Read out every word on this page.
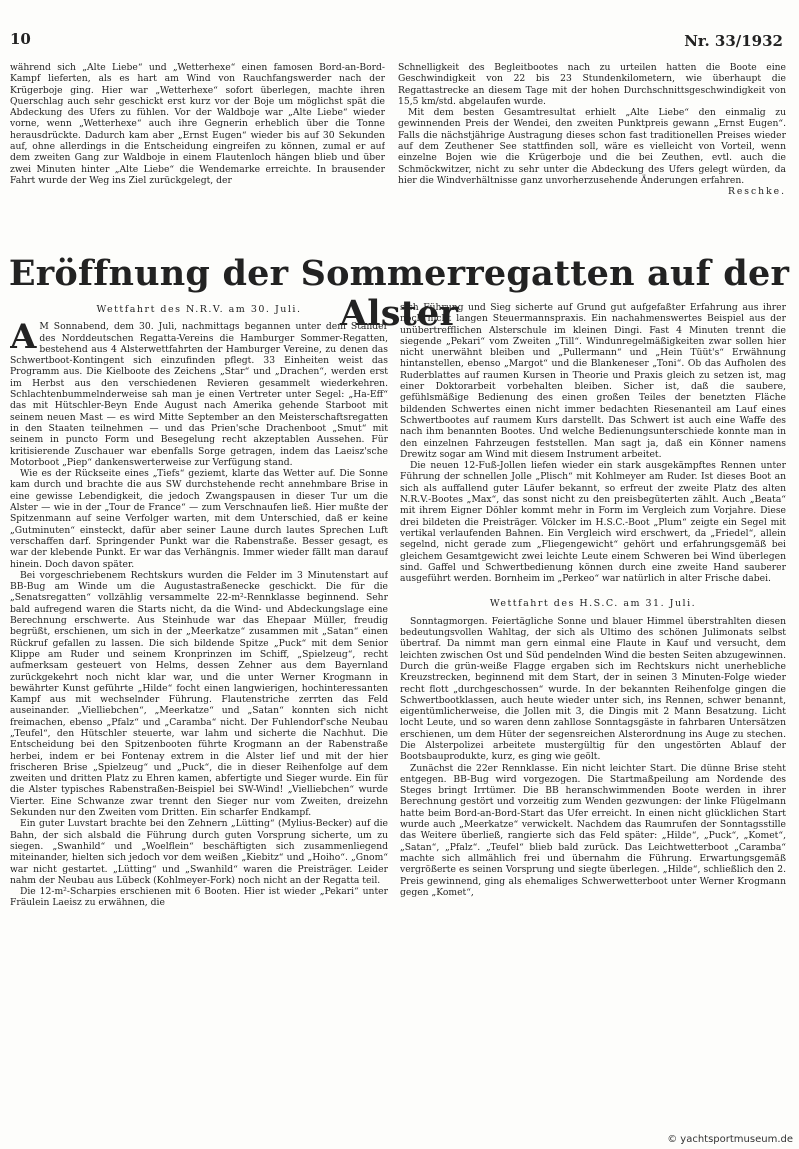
10	Nr. 33/1932

während sich „Alte Liebe“ und „Wetterhexe“ einen famosen Bord-an-Bord-Kampf lieferten, als es hart am Wind von Rauchfangswerder nach der Krügerboje ging. Hier war „Wetterhexe“ sofort überlegen, machte ihren Querschlag auch sehr geschickt erst kurz vor der Boje um möglichst spät die Abdeckung des Ufers zu fühlen. Vor der Waldboje war „Alte Liebe“ wieder vorne, wenn „Wetterhexe“ auch ihre Gegnerin erheblich über die Tonne herausdrückte. Dadurch kam aber „Ernst Eugen“ wieder bis auf 30 Sekunden auf, ohne allerdings in die Entscheidung eingreifen zu können, zumal er auf dem zweiten Gang zur Waldboje in einem Flautenloch hängen blieb und über zwei Minuten hinter „Alte Liebe“ die Wendemarke erreichte. In brausender Fahrt wurde der Weg ins Ziel zurückgelegt, der

Schnelligkeit des Begleitbootes nach zu urteilen hatten die Boote eine Geschwindigkeit von 22 bis 23 Stundenkilometern, wie überhaupt die Regattastrecke an diesem Tage mit der hohen Durchschnittsgeschwindigkeit von 15,5 km/std. abgelaufen wurde.

Mit dem besten Gesamtresultat erhielt „Alte Liebe“ den einmalig zu gewinnenden Preis der Wendei, den zweiten Punktpreis gewann „Ernst Eugen“. Falls die nächstjährige Austragung dieses schon fast traditionellen Preises wieder auf dem Zeuthener See stattfinden soll, wäre es vielleicht von Vorteil, wenn einzelne Bojen wie die Krügerboje und die bei Zeuthen, evtl. auch die Schmöckwitzer, nicht zu sehr unter die Abdeckung des Ufers gelegt würden, da hier die Windverhältnisse ganz unvorherzusehende Änderungen erfahren.

Reschke.
Eröffnung der Sommerregatten auf der Alster
Wettfahrt des N.R.V. am 30. Juli.
A M Sonnabend, dem 30. Juli, nachmittags begannen unter dem Stander des Norddeutschen Regatta-Vereins die Hamburger Sommer-Regatten, bestehend aus 4 Alsterwettfahrten der Hamburger Vereine, zu denen das Schwertboot-Kontingent sich einzufinden pflegt. 33 Einheiten weist das Programm aus. Die Kielboote des Zeichens „Star“ und „Drachen“, werden erst im Herbst aus den verschiedenen Revieren gesammelt wiederkehren. Schlachtenbummelnderweise sah man je einen Vertreter unter Segel: „Ha-Eff“ das mit Hütschler-Beyn Ende August nach Amerika gehende Starboot mit seinem neuen Mast — es wird Mitte September an den Meisterschaftsregatten in den Staaten teilnehmen — und das Prien'sche Drachenboot „Smut“ mit seinem in puncto Form und Besegelung recht akzeptablen Aussehen. Für kritisierende Zuschauer war ebenfalls Sorge getragen, indem das Laeisz'sche Motorboot „Piep“ dankenswerterweise zur Verfügung stand.

Wie es der Rückseite eines „Tiefs“ geziemt, klarte das Wetter auf. Die Sonne kam durch und brachte die aus SW durchstehende recht annehmbare Brise in eine gewisse Lebendigkeit, die jedoch Zwangspausen in dieser Tur um die Alster — wie in der „Tour de France“ — zum Verschnaufen ließ. Hier mußte der Spitzenmann auf seine Verfolger warten, mit dem Unterschied, daß er keine „Gutminuten“ einsteckt, dafür aber seiner Laune durch lautes Sprechen Luft verschaffen darf. Springender Punkt war die Rabenstraße. Besser gesagt, es war der klebende Punkt. Er war das Verhängnis. Immer wieder fällt man darauf hinein. Doch davon später.

Bei vorgeschriebenem Rechtskurs wurden die Felder im 3 Minutenstart auf BB-Bug am Winde um die Augustastraßenecke geschickt. Die für die „Senatsregatten“ vollzählig versammelte 22-m²-Rennklasse beginnend. Sehr bald aufregend waren die Starts nicht, da die Wind- und Abdeckungslage eine Berechnung erschwerte. Aus Steinhude war das Ehepaar Müller, freudig begrüßt, erschienen, um sich in der „Meerkatze“ zusammen mit „Satan“ einen Rückruf gefallen zu lassen. Die sich bildende Spitze „Puck“ mit dem Senior Klippe am Ruder und seinem Kronprinzen im Schiff, „Spielzeug“, recht aufmerksam gesteuert von Helms, dessen Zehner aus dem Bayernland zurückgekehrt noch nicht klar war, und die unter Werner Krogmann in bewährter Kunst geführte „Hilde“ focht einen langwierigen, hochinteressanten Kampf aus mit wechselnder Führung. Flautenstriche zerrten das Feld auseinander. „Vielliebchen“, „Meerkatze“ und „Satan“ konnten sich nicht freimachen, ebenso „Pfalz“ und „Caramba“ nicht. Der Fuhlendorf'sche Neubau „Teufel“, den Hütschler steuerte, war lahm und sicherte die Nachhut. Die Entscheidung bei den Spitzenbooten führte Krogmann an der Rabenstraße herbei, indem er bei Fontenay extrem in die Alster lief und mit der hier frischeren Brise „Spielzeug“ und „Puck“, die in dieser Reihenfolge auf dem zweiten und dritten Platz zu Ehren kamen, abfertigte und Sieger wurde. Ein für die Alster typisches Rabenstraßen-Beispiel bei SW-Wind! „Vielliebchen“ wurde Vierter. Eine Schwanze zwar trennt den Sieger nur vom Zweiten, dreizehn Sekunden nur den Zweiten vom Dritten. Ein scharfer Endkampf.

Ein guter Luvstart brachte bei den Zehnern „Lütting“ (Mylius-Becker) auf die Bahn, der sich alsbald die Führung durch guten Vorsprung sicherte, um zu siegen. „Swanhild“ und „Woelflein“ beschäftigten sich zusammenliegend miteinander, hielten sich jedoch vor dem weißen „Kiebitz“ und „Hoiho“. „Gnom“ war nicht gestartet. „Lütting“ und „Swanhild“ waren die Preisträger. Leider nahm der Neubau aus Lübeck (Kohlmeyer-Fork) noch nicht an der Regatta teil.

Die 12-m²-Scharpies erschienen mit 6 Booten. Hier ist wieder „Pekari“ unter Fräulein Laeisz zu erwähnen, die

sich Führung und Sieg sicherte auf Grund gut aufgefaßter Erfahrung aus ihrer noch nicht langen Steuermannspraxis. Ein nachahmenswertes Beispiel aus der unübertrefflichen Alsterschule im kleinen Dingi. Fast 4 Minuten trennt die siegende „Pekari“ vom Zweiten „Till“. Windunregelmäßigkeiten zwar sollen hier nicht unerwähnt bleiben und „Pullermann“ und „Hein Tüüt's“ Erwähnung hintanstellen, ebenso „Margot“ und die Blankeneser „Toni“. Ob das Aufholen des Ruderblattes auf raumen Kursen in Theorie und Praxis gleich zu setzen ist, mag einer Doktorarbeit vorbehalten bleiben. Sicher ist, daß die saubere, gefühlsmäßige Bedienung des einen großen Teiles der benetzten Fläche bildenden Schwertes einen nicht immer bedachten Riesenanteil am Lauf eines Schwertbootes auf raumem Kurs darstellt. Das Schwert ist auch eine Waffe des nach ihm benannten Bootes. Und welche Bedienungsunterschiede konnte man in den einzelnen Fahrzeugen feststellen. Man sagt ja, daß ein Könner namens Drewitz sogar am Wind mit diesem Instrument arbeitet.

Die neuen 12-Fuß-Jollen liefen wieder ein stark ausgekämpftes Rennen unter Führung der schnellen Jolle „Plisch“ mit Kohlmeyer am Ruder. Ist dieses Boot an sich als auffallend guter Läufer bekannt, so erfreut der zweite Platz des alten N.R.V.-Bootes „Max“, das sonst nicht zu den preisbegüterten zählt. Auch „Beata“ mit ihrem Eigner Döhler kommt mehr in Form im Vergleich zum Vorjahre. Diese drei bildeten die Preisträger. Völcker im H.S.C.-Boot „Plum“ zeigte ein Segel mit vertikal verlaufenden Bahnen. Ein Vergleich wird erschwert, da „Friedel“, allein segelnd, nicht gerade zum „Fliegengewicht“ gehört und erfahrungsgemäß bei gleichem Gesamtgewicht zwei leichte Leute einem Schweren bei Wind überlegen sind. Gaffel und Schwertbedienung können durch eine zweite Hand sauberer ausgeführt werden. Bornheim im „Perkeo“ war natürlich in alter Frische dabei.

Wettfahrt des H.S.C. am 31. Juli.

Sonntagmorgen. Feiertägliche Sonne und blauer Himmel überstrahlten diesen bedeutungsvollen Wahltag, der sich als Ultimo des schönen Julimonats selbst übertraf. Da nimmt man gern einmal eine Flaute in Kauf und versucht, dem leichten zwischen Ost und Süd pendelnden Wind die besten Seiten abzugewinnen. Durch die grün-weiße Flagge ergaben sich im Rechtskurs nicht unerhebliche Kreuzstrecken, beginnend mit dem Start, der in seinen 3 Minuten-Folge wieder recht flott „durchgeschossen“ wurde. In der bekannten Reihenfolge gingen die Schwertbootklassen, auch heute wieder unter sich, ins Rennen, schwer benannt, eigentümlicherweise, die Jollen mit 3, die Dingis mit 2 Mann Besatzung. Licht locht Leute, und so waren denn zahllose Sonntagsgäste in fahrbaren Untersätzen erschienen, um dem Hüter der segensreichen Alsterordnung ins Auge zu stechen. Die Alsterpolizei arbeitete mustergültig für den ungestörten Ablauf der Bootsbauprodukte, kurz, es ging wie geölt.

Zunächst die 22er Rennklasse. Ein nicht leichter Start. Die dünne Brise steht entgegen. BB-Bug wird vorgezogen. Die Startmaßpeilung am Nordende des Steges bringt Irrtümer. Die BB heranschwimmenden Boote werden in ihrer Berechnung gestört und vorzeitig zum Wenden gezwungen: der linke Flügelmann hatte beim Bord-an-Bord-Start das Ufer erreicht. In einen nicht glücklichen Start wurde auch „Meerkatze“ verwickelt. Nachdem das Raumrufen der Sonntagsstille das Weitere überließ, rangierte sich das Feld später: „Hilde“, „Puck“, „Komet“, „Satan“, „Pfalz“. „Teufel“ blieb bald zurück. Das Leichtwetterboot „Caramba“ machte sich allmählich frei und übernahm die Führung. Erwartungsgemäß vergrößerte es seinen Vorsprung und siegte überlegen. „Hilde“, schließlich den 2. Preis gewinnend, ging als ehemaliges Schwerwetterboot unter Werner Krogmann gegen „Komet“,

© yachtsportmuseum.de
